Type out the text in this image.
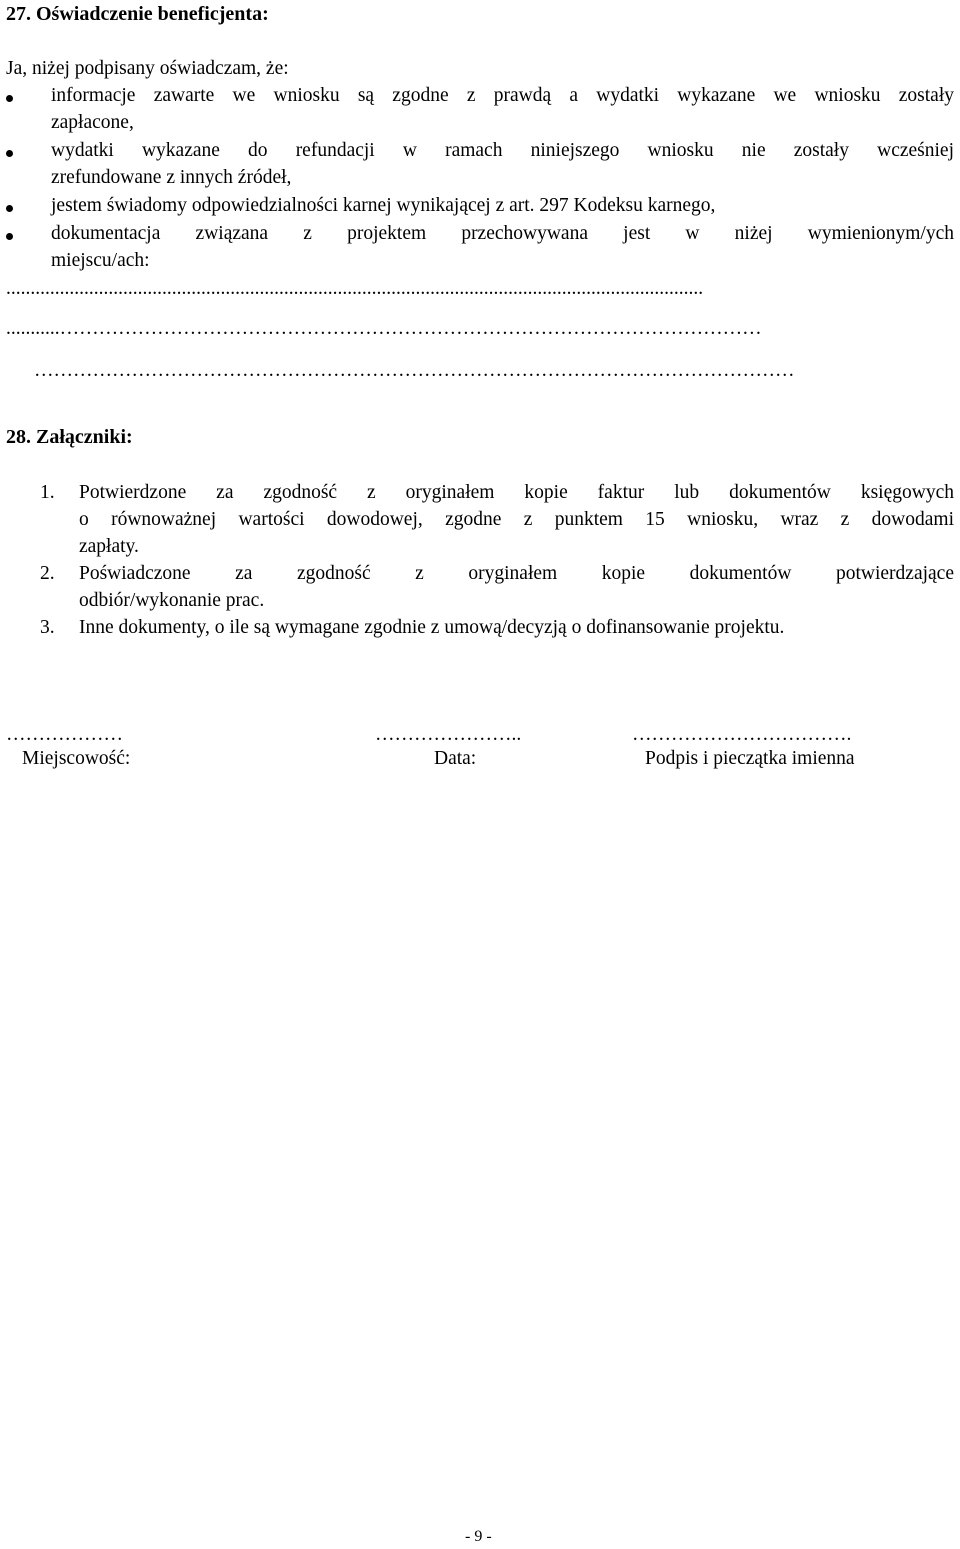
27. Oświadczenie beneficjenta:
Ja, niżej podpisany oświadczam, że:
informacje zawarte we wniosku są zgodne z prawdą a wydatki wykazane we wniosku zostały
zapłacone,
wydatki wykazane do refundacji w ramach niniejszego wniosku nie zostały wcześniej
zrefundowane z innych źródeł,
jestem świadomy odpowiedzialności karnej wynikającej z art. 297 Kodeksu karnego,
dokumentacja związana z projektem przechowywana jest w niżej wymienionym/ych
miejscu/ach:
...............................................................................................................................................
...........………………………………………………………………………………………………
………………………………………………………………………………………………………
28. Załączniki:
1. Potwierdzone za zgodność z oryginałem kopie faktur lub dokumentów księgowych
o równoważnej wartości dowodowej, zgodne z punktem 15 wniosku, wraz z dowodami
zapłaty.
2. Poświadczone za zgodność z oryginałem kopie dokumentów potwierdzające
odbiór/wykonanie prac.
3. Inne dokumenty, o ile są wymagane zgodnie z umową/decyzją o dofinansowanie projektu.
………………	…………………..	…………………………….
Miejscowość:	Data:	Podpis i pieczątka imienna
- 9 -
